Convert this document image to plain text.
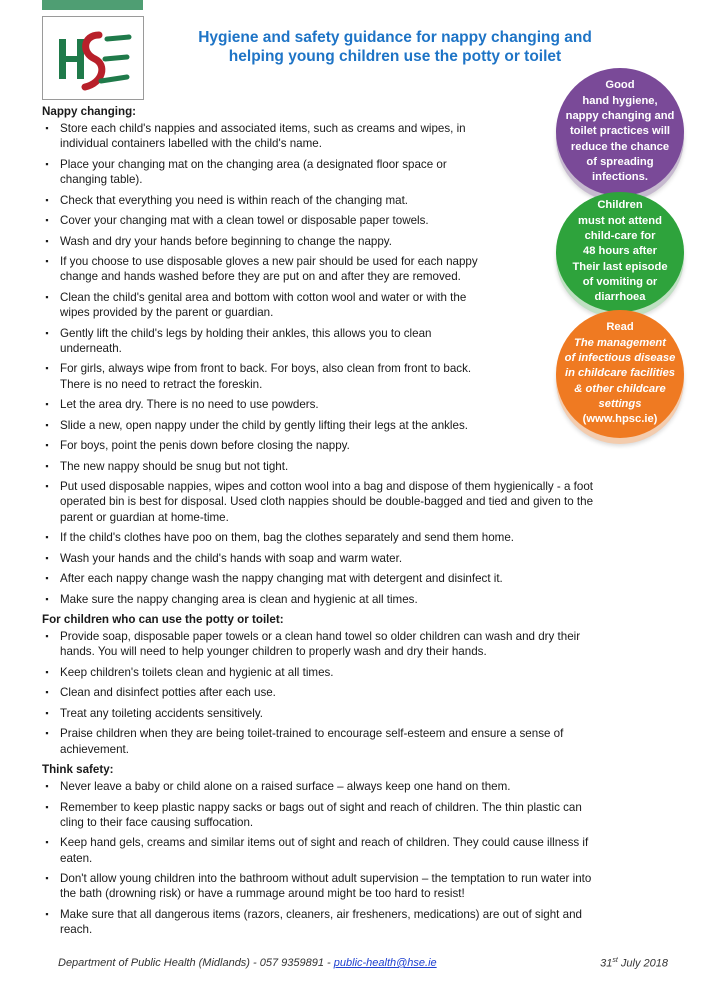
Hygiene and safety guidance for nappy changing and
helping young children use the potty or toilet
Good
hand hygiene,
nappy changing and
toilet practices will
reduce the chance
of spreading
infections.
Children
must not attend
child-care for
48 hours after
Their last episode
of vomiting or
diarrhoea
Read
The management
of infectious disease
in childcare facilities
& other childcare
settings
(www.hpsc.ie)
Nappy changing:
▪ Store each child's nappies and associated items, such as creams and wipes, in
individual containers labelled with the child's name.
▪ Place your changing mat on the changing area (a designated floor space or
changing table).
▪ Check that everything you need is within reach of the changing mat.
▪ Cover your changing mat with a clean towel or disposable paper towels.
▪ Wash and dry your hands before beginning to change the nappy.
▪ If you choose to use disposable gloves a new pair should be used for each nappy
change and hands washed before they are put on and after they are removed.
▪ Clean the child's genital area and bottom with cotton wool and water or with the
wipes provided by the parent or guardian.
▪ Gently lift the child's legs by holding their ankles, this allows you to clean
underneath.
▪ For girls, always wipe from front to back. For boys, also clean from front to back.
There is no need to retract the foreskin.
▪ Let the area dry. There is no need to use powders.
▪ Slide a new, open nappy under the child by gently lifting their legs at the ankles.
▪ For boys, point the penis down before closing the nappy.
▪ The new nappy should be snug but not tight.
▪ Put used disposable nappies, wipes and cotton wool into a bag and dispose of them hygienically - a foot
operated bin is best for disposal. Used cloth nappies should be double-bagged and tied and given to the
parent or guardian at home-time.
▪ If the child's clothes have poo on them, bag the clothes separately and send them home.
▪ Wash your hands and the child's hands with soap and warm water.
▪ After each nappy change wash the nappy changing mat with detergent and disinfect it.
▪ Make sure the nappy changing area is clean and hygienic at all times.
For children who can use the potty or toilet:
▪ Provide soap, disposable paper towels or a clean hand towel so older children can wash and dry their
hands. You will need to help younger children to properly wash and dry their hands.
▪ Keep children's toilets clean and hygienic at all times.
▪ Clean and disinfect potties after each use.
▪ Treat any toileting accidents sensitively.
▪ Praise children when they are being toilet-trained to encourage self-esteem and ensure a sense of
achievement.
Think safety:
▪ Never leave a baby or child alone on a raised surface – always keep one hand on them.
▪ Remember to keep plastic nappy sacks or bags out of sight and reach of children. The thin plastic can
cling to their face causing suffocation.
▪ Keep hand gels, creams and similar items out of sight and reach of children. They could cause illness if
eaten.
▪ Don't allow young children into the bathroom without adult supervision – the temptation to run water into
the bath (drowning risk) or have a rummage around might be too hard to resist!
▪ Make sure that all dangerous items (razors, cleaners, air fresheners, medications) are out of sight and
reach.
Department of Public Health (Midlands) - 057 9359891 - public-health@hse.ie	31st July 2018
